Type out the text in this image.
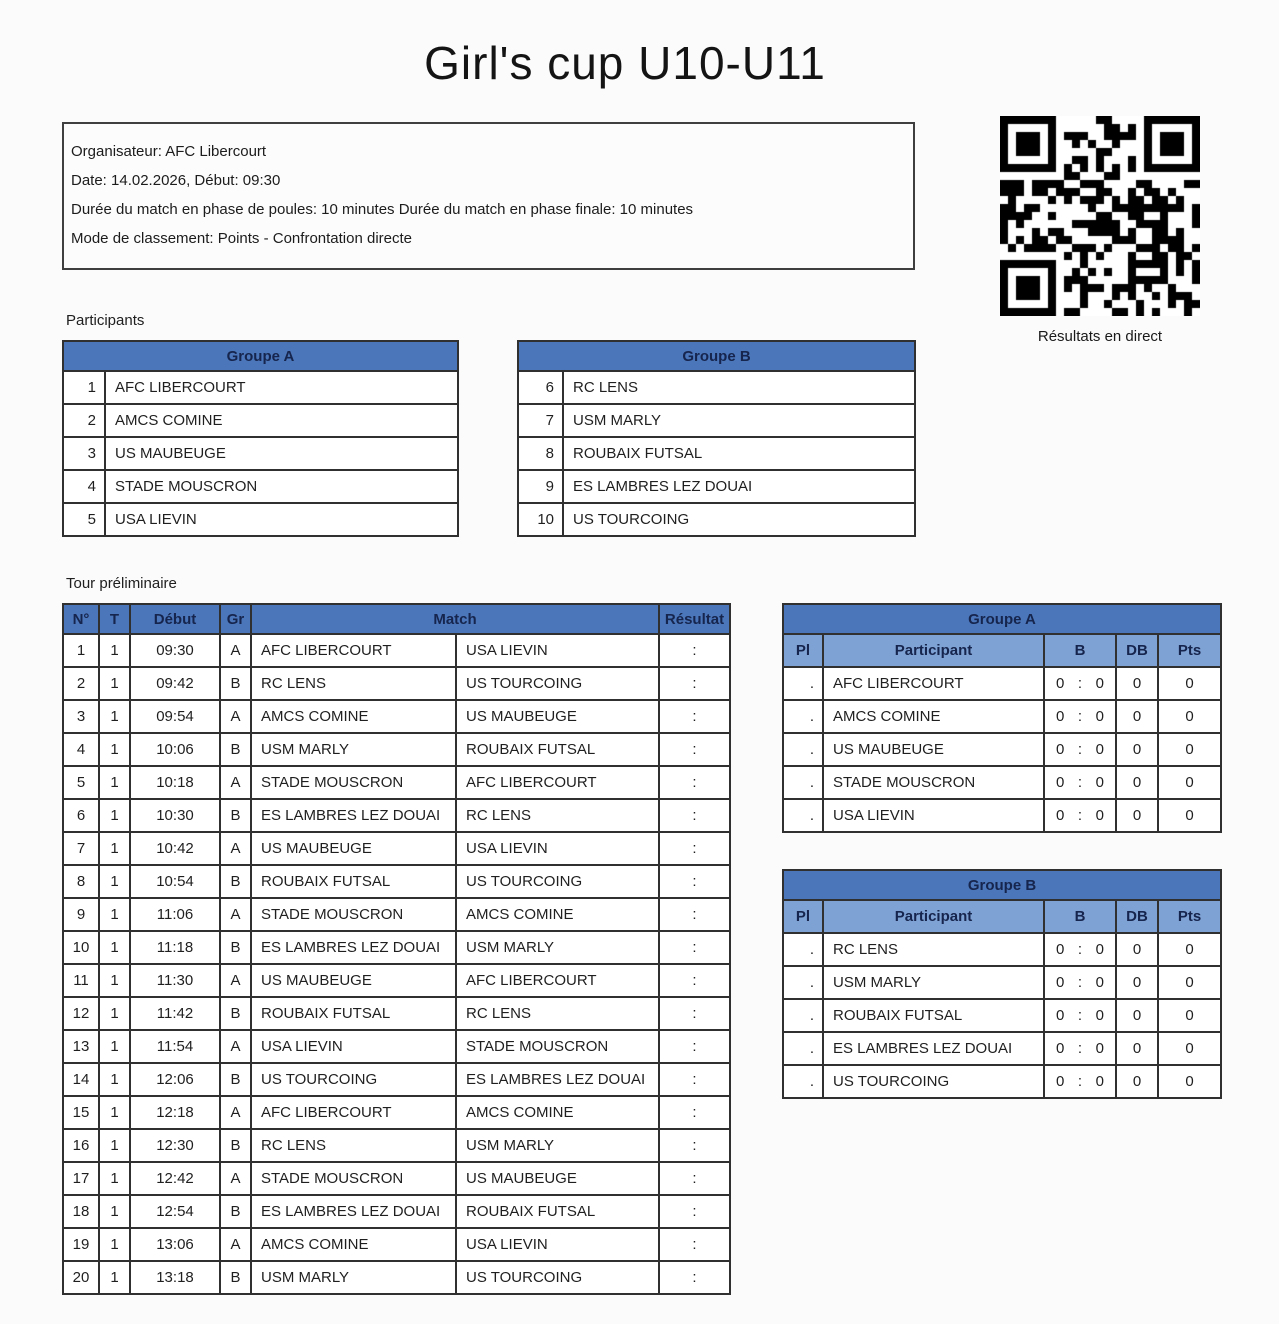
Girl's cup U10-U11

Organisateur: AFC Libercourt

Date: 14.02.2026, Début: 09:30

Durée du match en phase de poules: 10 minutes Durée du match en phase finale: 10 minutes

Mode de classement: Points - Confrontation directe

Résultats en direct
Participants
Groupe A	
1	AFC LIBERCOURT
2	AMCS COMINE
3	US MAUBEUGE
4	STADE MOUSCRON
5	USA LIEVIN
Groupe B	
6	RC LENS
7	USM MARLY
8	ROUBAIX FUTSAL
9	ES LAMBRES LEZ DOUAI
10	US TOURCOING
Tour préliminaire
N°	T	Début	Gr	Match		Résultat
1	1	09:30	A	AFC LIBERCOURT	USA LIEVIN	:
2	1	09:42	B	RC LENS	US TOURCOING	:
3	1	09:54	A	AMCS COMINE	US MAUBEUGE	:
4	1	10:06	B	USM MARLY	ROUBAIX FUTSAL	:
5	1	10:18	A	STADE MOUSCRON	AFC LIBERCOURT	:
6	1	10:30	B	ES LAMBRES LEZ DOUAI	RC LENS	:
7	1	10:42	A	US MAUBEUGE	USA LIEVIN	:
8	1	10:54	B	ROUBAIX FUTSAL	US TOURCOING	:
9	1	11:06	A	STADE MOUSCRON	AMCS COMINE	:
10	1	11:18	B	ES LAMBRES LEZ DOUAI	USM MARLY	:
11	1	11:30	A	US MAUBEUGE	AFC LIBERCOURT	:
12	1	11:42	B	ROUBAIX FUTSAL	RC LENS	:
13	1	11:54	A	USA LIEVIN	STADE MOUSCRON	:
14	1	12:06	B	US TOURCOING	ES LAMBRES LEZ DOUAI	:
15	1	12:18	A	AFC LIBERCOURT	AMCS COMINE	:
16	1	12:30	B	RC LENS	USM MARLY	:
17	1	12:42	A	STADE MOUSCRON	US MAUBEUGE	:
18	1	12:54	B	ES LAMBRES LEZ DOUAI	ROUBAIX FUTSAL	:
19	1	13:06	A	AMCS COMINE	USA LIEVIN	:
20	1	13:18	B	USM MARLY	US TOURCOING	:
Groupe A				
Pl	Participant	B	DB	Pts
.	AFC LIBERCOURT	0 : 0	0	0
.	AMCS COMINE	0 : 0	0	0
.	US MAUBEUGE	0 : 0	0	0
.	STADE MOUSCRON	0 : 0	0	0
.	USA LIEVIN	0 : 0	0	0
Groupe B				
Pl	Participant	B	DB	Pts
.	RC LENS	0 : 0	0	0
.	USM MARLY	0 : 0	0	0
.	ROUBAIX FUTSAL	0 : 0	0	0
.	ES LAMBRES LEZ DOUAI	0 : 0	0	0
.	US TOURCOING	0 : 0	0	0
